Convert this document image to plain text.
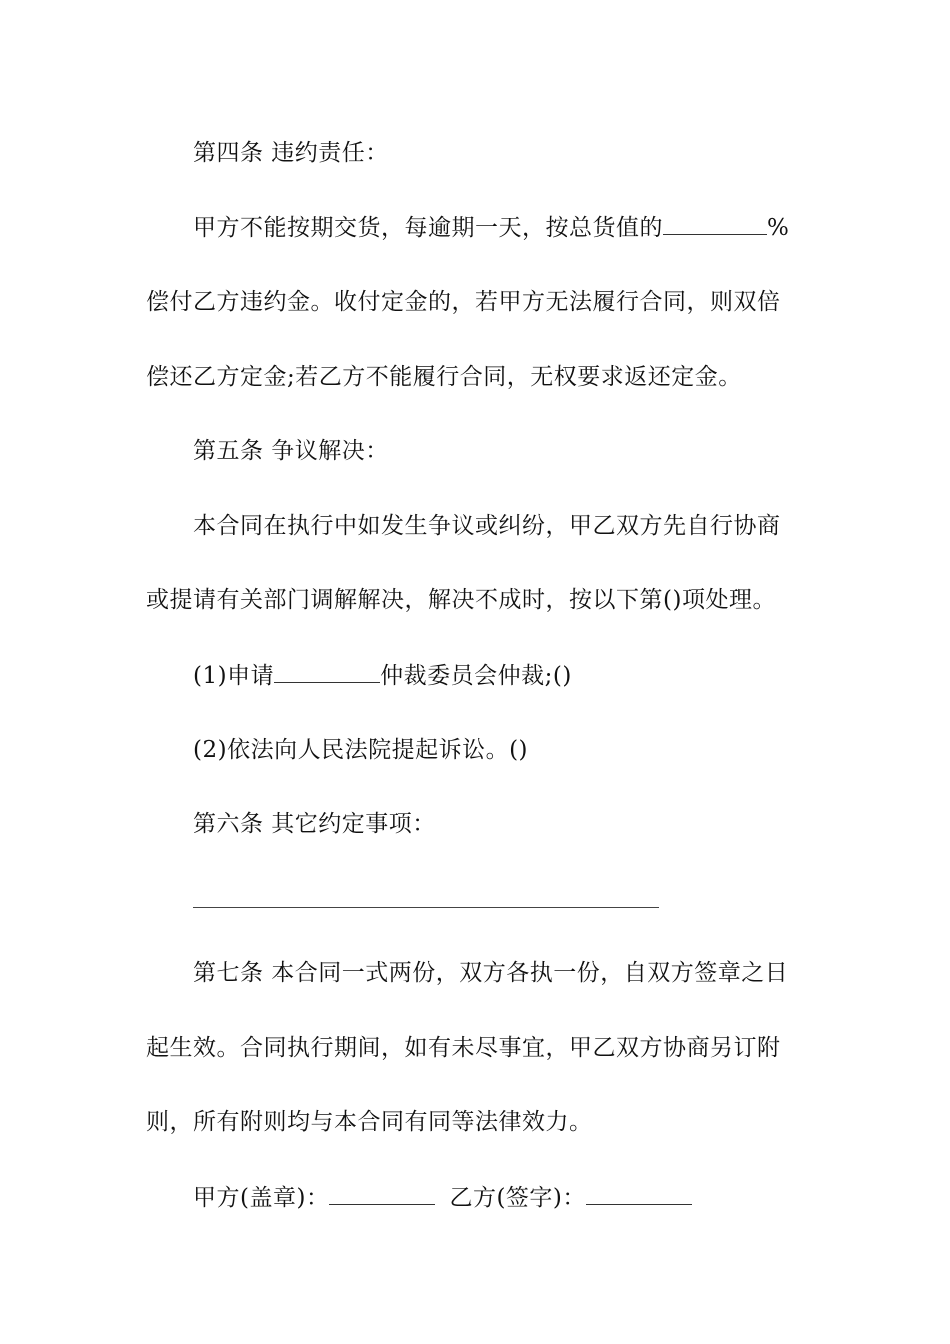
第四条 违约责任：
甲方不能按期交货，每逾期一天，按总货值的	%
偿付乙方违约金。收付定金的，若甲方无法履行合同，则双倍
偿还乙方定金;若乙方不能履行合同，无权要求返还定金。
第五条 争议解决：
本合同在执行中如发生争议或纠纷，甲乙双方先自行协商
或提请有关部门调解解决，解决不成时，按以下第()项处理。
(1)申请	仲裁委员会仲裁;()
(2)依法向人民法院提起诉讼。()
第六条 其它约定事项：
第七条 本合同一式两份，双方各执一份，自双方签章之日
起生效。合同执行期间，如有未尽事宜，甲乙双方协商另订附
则，所有附则均与本合同有同等法律效力。
甲方(盖章)：	乙方(签字)：
